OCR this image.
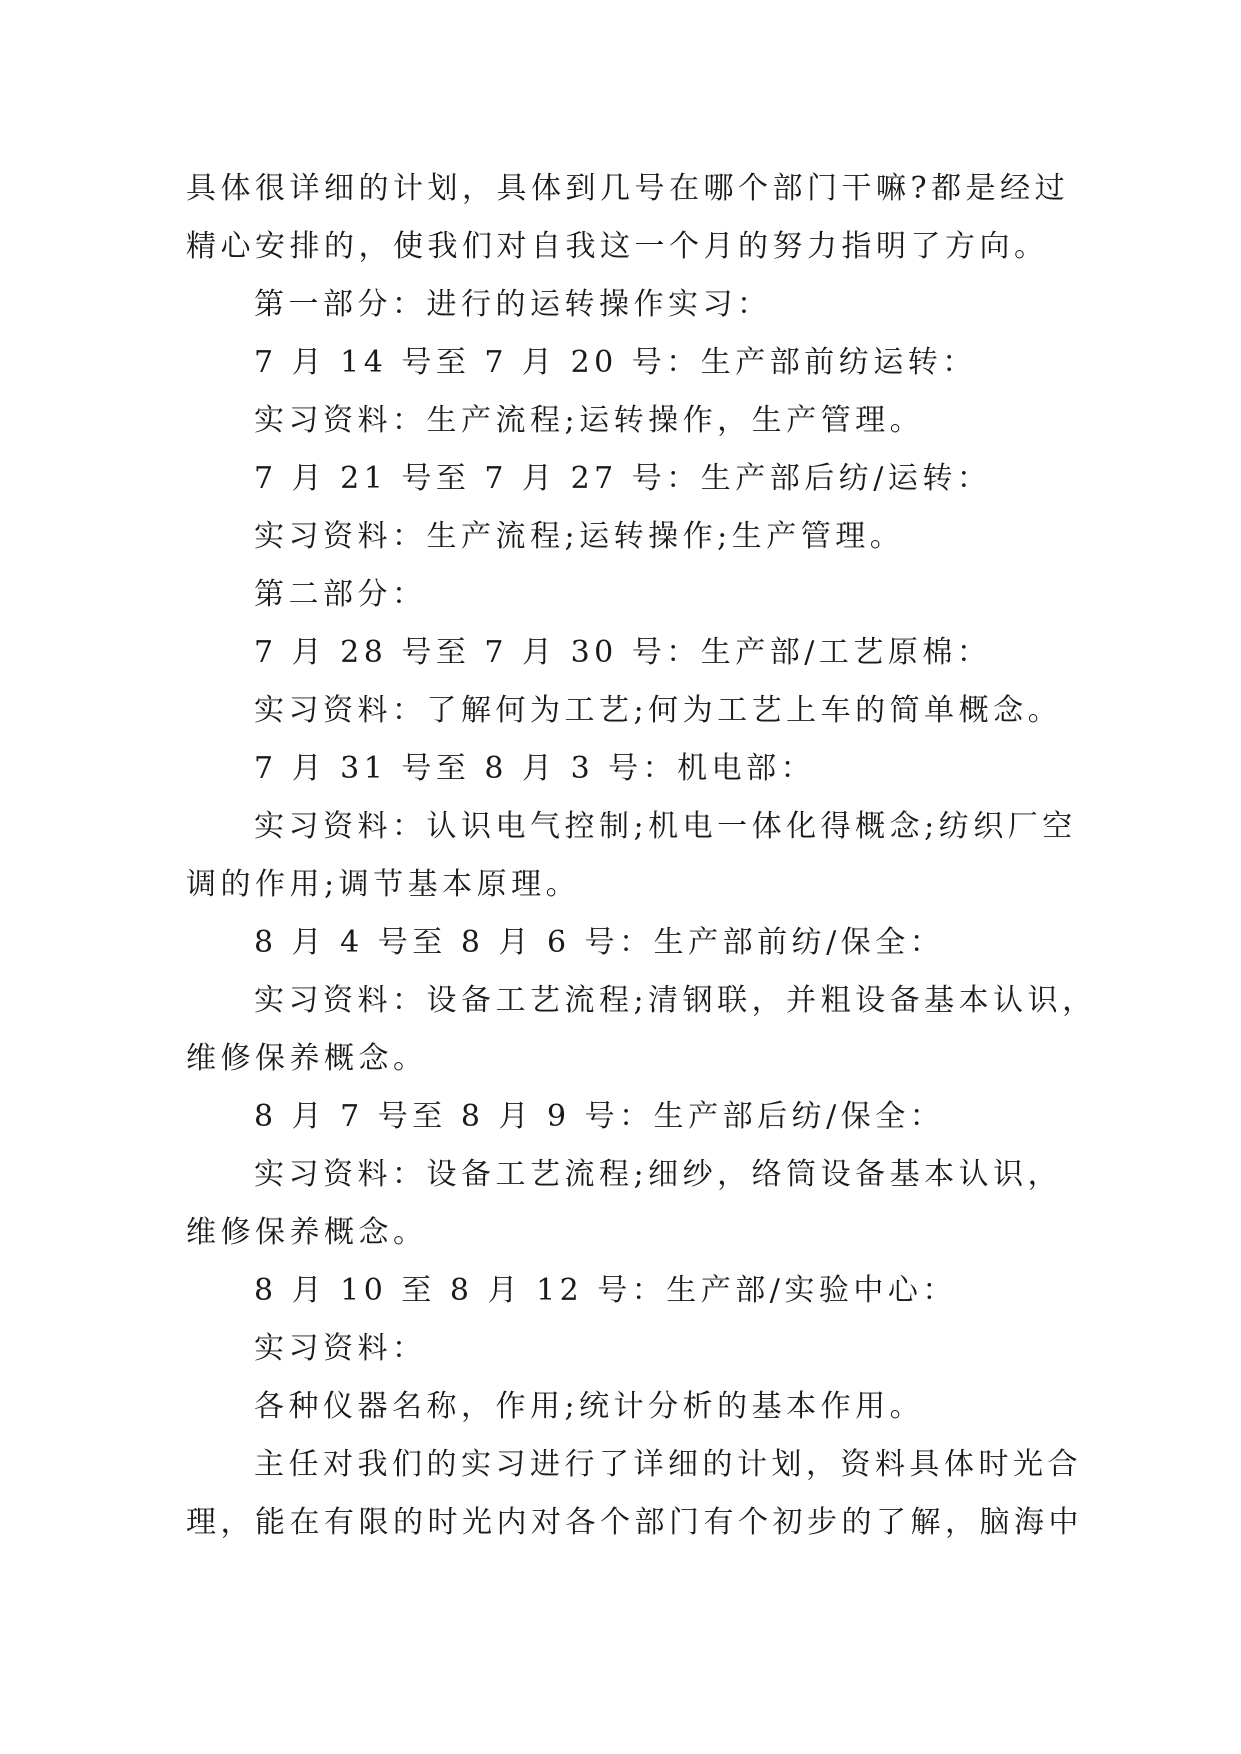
具体很详细的计划，具体到几号在哪个部门干嘛?都是经过

精心安排的，使我们对自我这一个月的努力指明了方向。

第一部分：进行的运转操作实习：

7 月 14 号至 7 月 20 号：生产部前纺运转：

实习资料：生产流程;运转操作，生产管理。

7 月 21 号至 7 月 27 号：生产部后纺/运转：

实习资料：生产流程;运转操作;生产管理。

第二部分：

7 月 28 号至 7 月 30 号：生产部/工艺原棉：

实习资料：了解何为工艺;何为工艺上车的简单概念。

7 月 31 号至 8 月 3 号：机电部：

实习资料：认识电气控制;机电一体化得概念;纺织厂空

调的作用;调节基本原理。

8 月 4 号至 8 月 6 号：生产部前纺/保全：

实习资料：设备工艺流程;清钢联，并粗设备基本认识，

维修保养概念。

8 月 7 号至 8 月 9 号：生产部后纺/保全：

实习资料：设备工艺流程;细纱，络筒设备基本认识，

维修保养概念。

8 月 10 至 8 月 12 号：生产部/实验中心：

实习资料：

各种仪器名称，作用;统计分析的基本作用。

主任对我们的实习进行了详细的计划，资料具体时光合

理，能在有限的时光内对各个部门有个初步的了解，脑海中
